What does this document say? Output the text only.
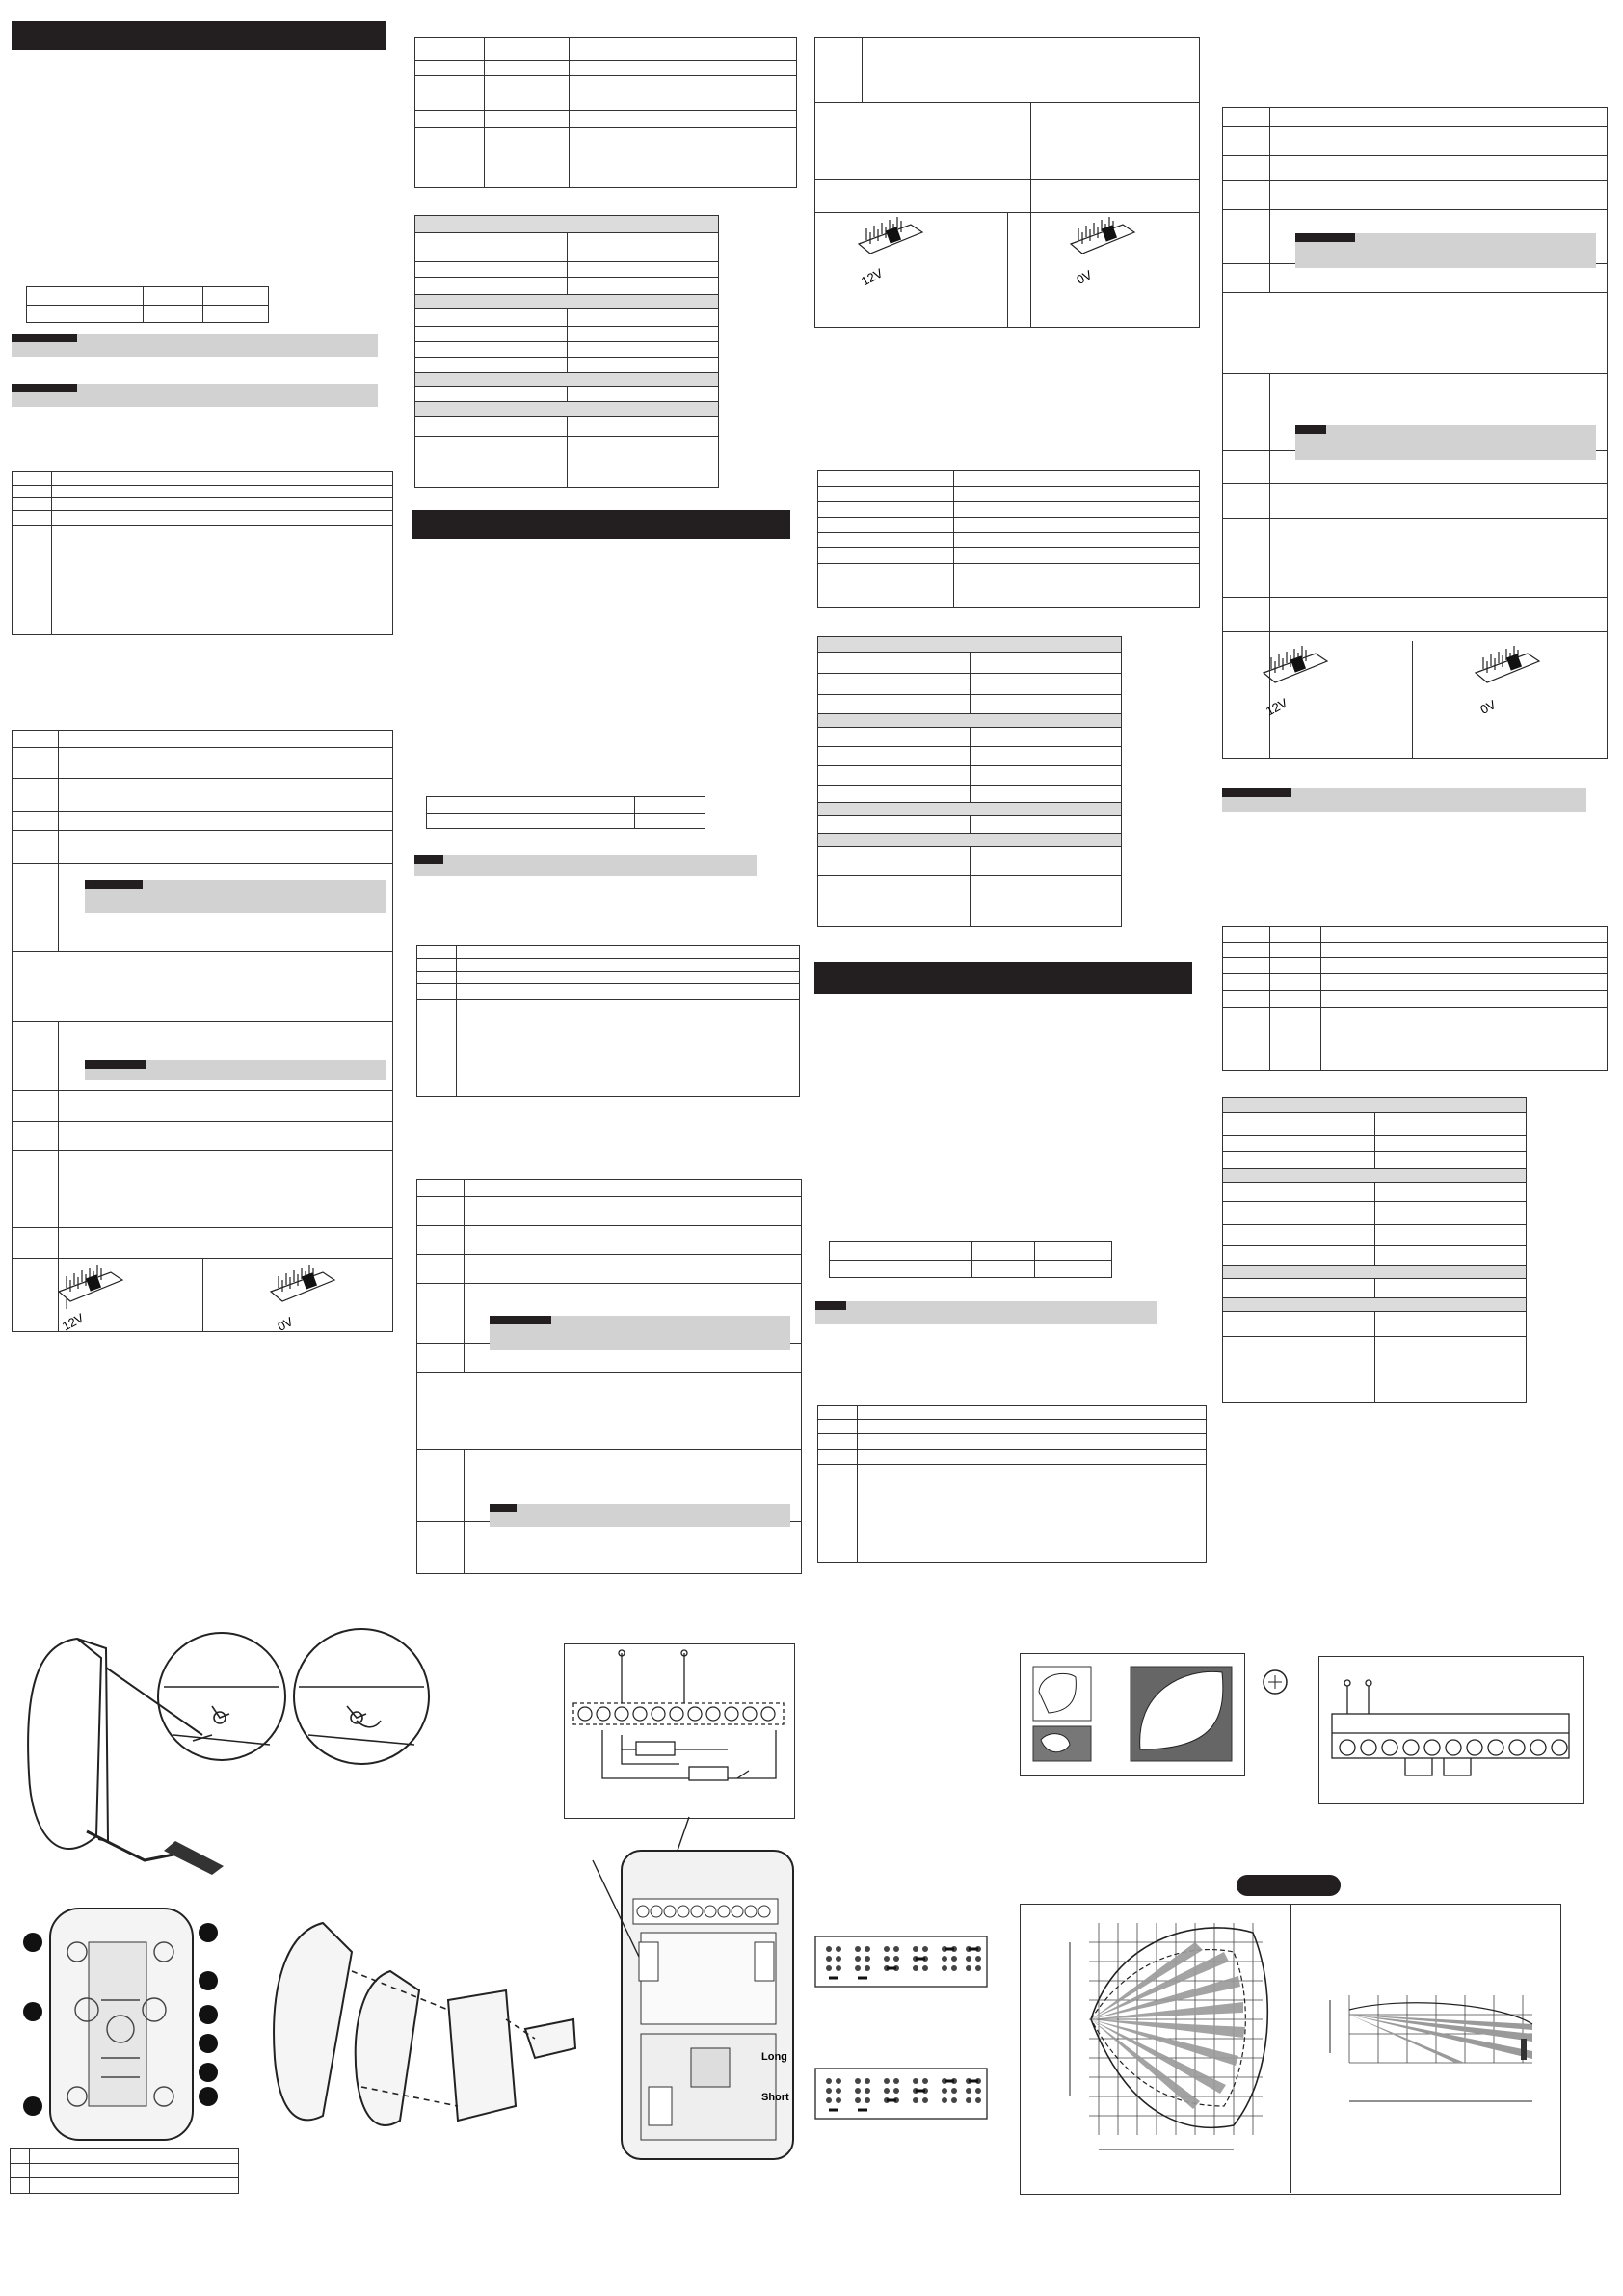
12V	0V

12V	0V

12V	0V

Long
Short
